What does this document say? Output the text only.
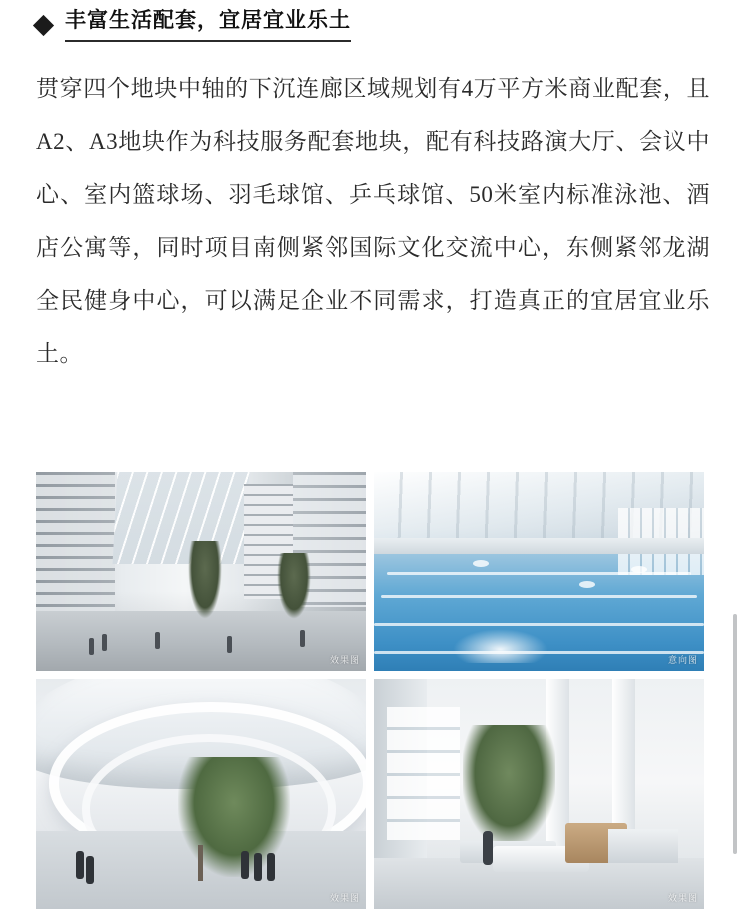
丰富生活配套，宜居宜业乐土

贯穿四个地块中轴的下沉连廊区域规划有4万平方米商业配套，且A2、A3地块作为科技服务配套地块，配有科技路演大厅、会议中心、室内篮球场、羽毛球馆、乒乓球馆、50米室内标准泳池、酒店公寓等，同时项目南侧紧邻国际文化交流中心，东侧紧邻龙湖全民健身中心，可以满足企业不同需求，打造真正的宜居宜业乐土。

效果图	意向图
效果图	效果图
